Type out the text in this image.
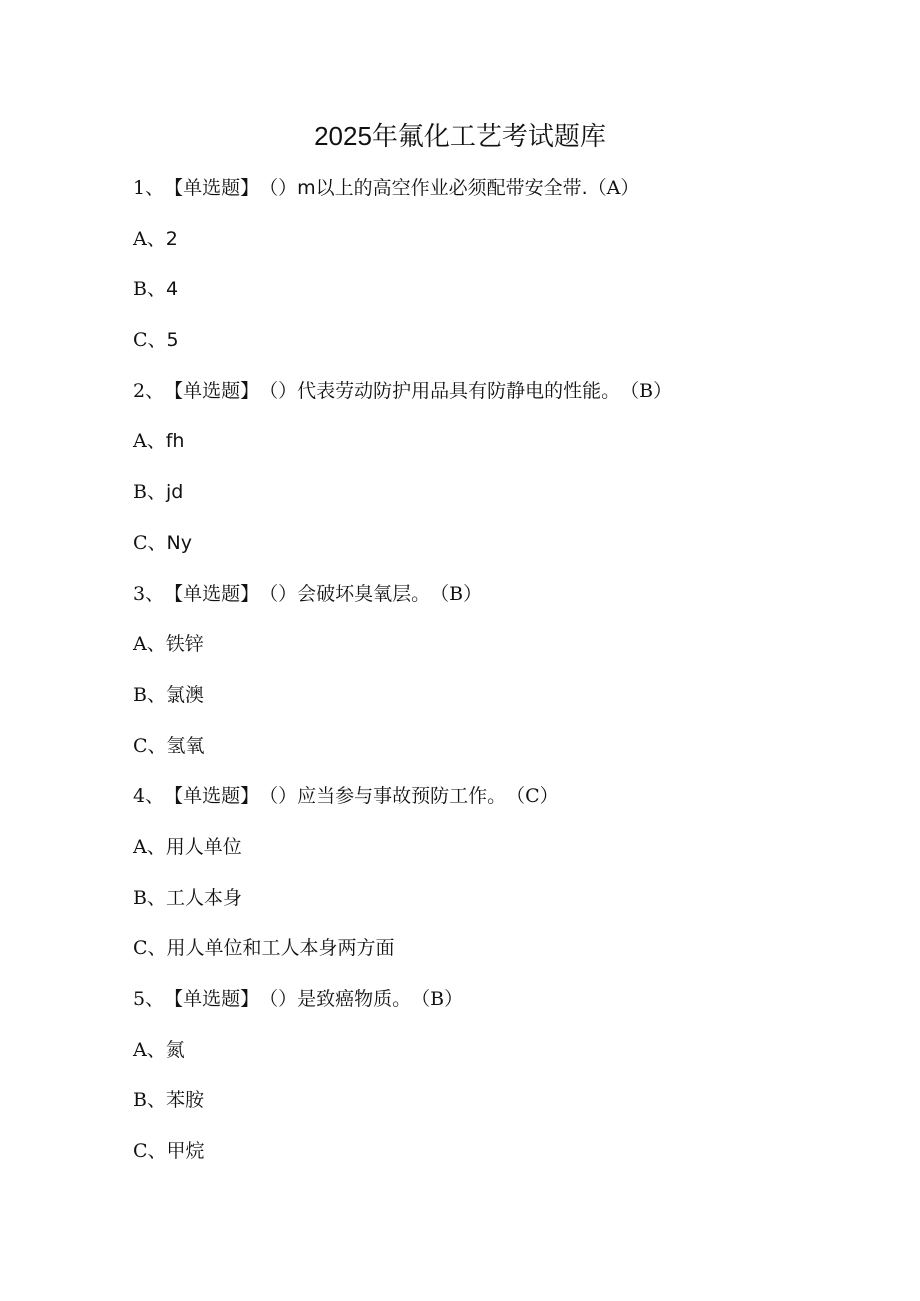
2025年氟化工艺考试题库
1、【单选题】（）m以上的高空作业必须配带安全带.（A）
A、2
B、4
C、5
2、【单选题】（）代表劳动防护用品具有防静电的性能。（B）
A、fh
B、jd
C、Ny
3、【单选题】（）会破坏臭氧层。（B）
A、铁锌
B、氯澳
C、氢氧
4、【单选题】（）应当参与事故预防工作。（C）
A、用人单位
B、工人本身
C、用人单位和工人本身两方面
5、【单选题】（）是致癌物质。（B）
A、氮
B、苯胺
C、甲烷
